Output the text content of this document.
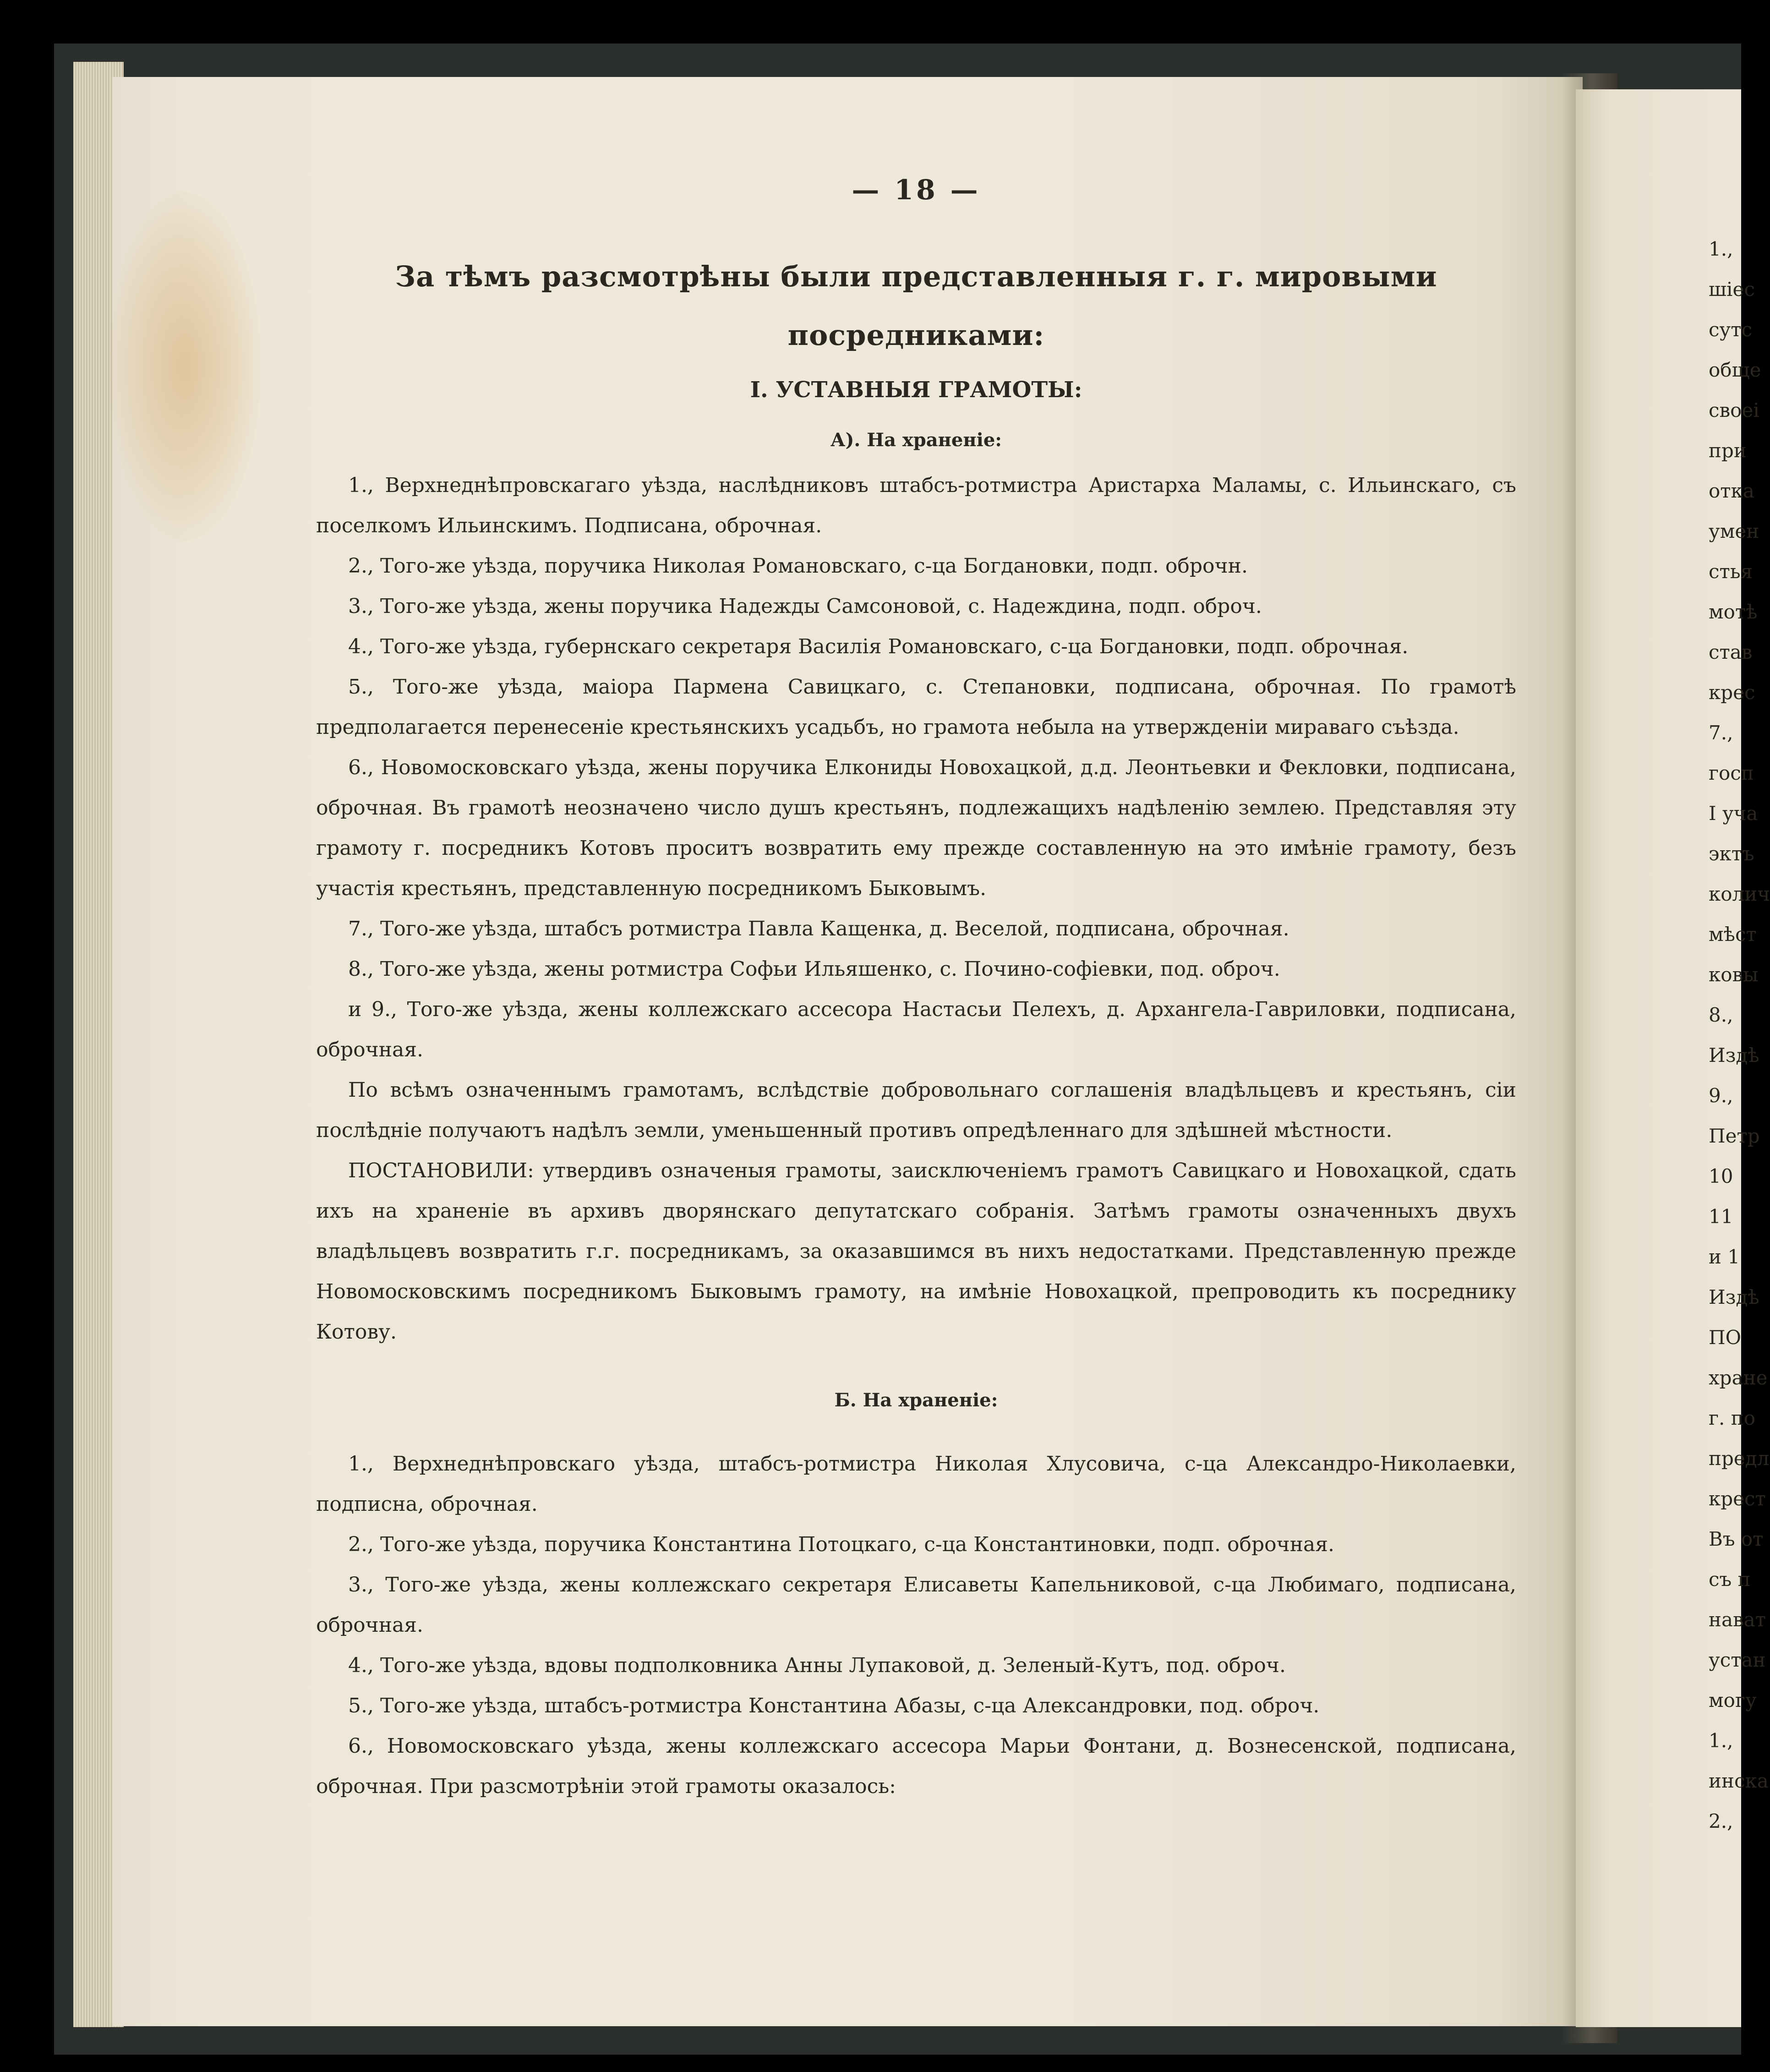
— 18 —
За тѣмъ разсмотрѣны были представленныя г. г. мировыми
посредниками:
I. УСТАВНЫЯ ГРАМОТЫ:
А). На храненіе:

1., Верхнеднѣпровскагаго уѣзда, наслѣдниковъ штабсъ-ротмистра Аристарха Маламы, с. Ильинскаго, съ поселкомъ Ильинскимъ. Подписана, оброчная.

2., Того-же уѣзда, поручика Николая Романовскаго, с-ца Богдановки, подп. оброчн.

3., Того-же уѣзда, жены поручика Надежды Самсоновой, с. Надеждина, подп. оброч.

4., Того-же уѣзда, губернскаго секретаря Василія Романовскаго, с-ца Богдановки, подп. оброчная.

5., Того-же уѣзда, маіора Пармена Савицкаго, с. Степановки, подписана, оброчная. По грамотѣ предполагается перенесеніе крестьянскихъ усадьбъ, но грамота небыла на утвержденіи мираваго съѣзда.

6., Новомосковскаго уѣзда, жены поручика Елкониды Новохацкой, д.д. Леонтьевки и Фекловки, подписана, оброчная. Въ грамотѣ неозначено число душъ крестьянъ, подлежащихъ надѣленію землею. Представляя эту грамоту г. посредникъ Котовъ проситъ возвратить ему прежде составленную на это имѣніе грамоту, безъ участія крестьянъ, представленную посредникомъ Быковымъ.

7., Того-же уѣзда, штабсъ ротмистра Павла Кащенка, д. Веселой, подписана, оброчная.

8., Того-же уѣзда, жены ротмистра Софьи Ильяшенко, с. Почино-софіевки, под. оброч.

и 9., Того-же уѣзда, жены коллежскаго ассесора Настасьи Пелехъ, д. Архангела-Гавриловки, подписана, оброчная.

По всѣмъ означеннымъ грамотамъ, вслѣдствіе добровольнаго соглашенія владѣльцевъ и крестьянъ, сіи послѣдніе получаютъ надѣлъ земли, уменьшенный противъ опредѣленнаго для здѣшней мѣстности.

ПОСТАНОВИЛИ: утвердивъ означеныя грамоты, заисключеніемъ грамотъ Савицкаго и Новохацкой, сдать ихъ на храненіе въ архивъ дворянскаго депутатскаго собранія. Затѣмъ грамоты означенныхъ двухъ владѣльцевъ возвратить г.г. посредникамъ, за оказавшимся въ нихъ недостатками. Представленную прежде Новомосковскимъ посредникомъ Быковымъ грамоту, на имѣніе Новохацкой, препроводить къ посреднику Котову.

Б. На храненіе:

1., Верхнеднѣпровскаго уѣзда, штабсъ-ротмистра Николая Хлусовича, с-ца Александро-Николаевки, подписна, оброчная.

2., Того-же уѣзда, поручика Константина Потоцкаго, с-ца Константиновки, подп. оброчная.

3., Того-же уѣзда, жены коллежскаго секретаря Елисаветы Капельниковой, с-ца Любимаго, подписана, оброчная.

4., Того-же уѣзда, вдовы подполковника Анны Лупаковой, д. Зеленый-Кутъ, под. оброч.

5., Того-же уѣзда, штабсъ-ротмистра Константина Абазы, с-ца Александровки, под. оброч.

6., Новомосковскаго уѣзда, жены коллежскаго ассесора Марьи Фонтани, д. Вознесенской, подписана, оброчная. При разсмотрѣніи этой грамоты оказалось:

1.,
шіес
сутс
обще
своеі
при
отка
умен
стья
мотѣ
став
крес
7.,
госп
I уча
эктъ
колич
мѣст
ковы
8.,
Издѣ
9.,
Петр
10
11
и 1
Издѣ
ПО
хране
г. по
предл
крест
Въ от
съ п
нават
устан
могу
1.,
инска
2.,
